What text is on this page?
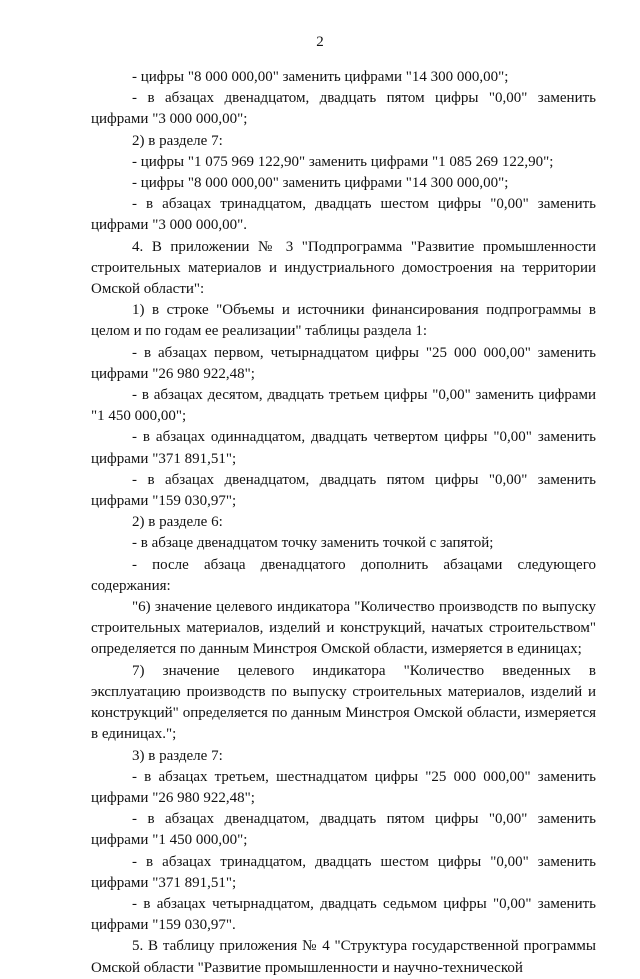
2

- цифры "8 000 000,00" заменить цифрами "14 300 000,00";

- в абзацах двенадцатом, двадцать пятом цифры "0,00" заменить цифрами "3 000 000,00";

2) в разделе 7:

- цифры "1 075 969 122,90" заменить цифрами "1 085 269 122,90";

- цифры "8 000 000,00" заменить цифрами "14 300 000,00";

- в абзацах тринадцатом, двадцать шестом цифры "0,00" заменить цифрами "3 000 000,00".

4. В приложении № 3 "Подпрограмма "Развитие промышленности строительных материалов и индустриального домостроения на территории Омской области":

1) в строке "Объемы и источники финансирования подпрограммы в целом и по годам ее реализации" таблицы раздела 1:

- в абзацах первом, четырнадцатом цифры "25 000 000,00" заменить цифрами "26 980 922,48";

- в абзацах десятом, двадцать третьем цифры "0,00" заменить цифрами "1 450 000,00";

- в абзацах одиннадцатом, двадцать четвертом цифры "0,00" заменить цифрами "371 891,51";

- в абзацах двенадцатом, двадцать пятом цифры "0,00" заменить цифрами "159 030,97";

2) в разделе 6:

- в абзаце двенадцатом точку заменить точкой с запятой;

- после абзаца двенадцатого дополнить абзацами следующего содержания:

"6) значение целевого индикатора "Количество производств по выпуску строительных материалов, изделий и конструкций, начатых строительством" определяется по данным Минстроя Омской области, измеряется в единицах;

7) значение целевого индикатора "Количество введенных в эксплуатацию производств по выпуску строительных материалов, изделий и конструкций" определяется по данным Минстроя Омской области, измеряется в единицах.";

3) в разделе 7:

- в абзацах третьем, шестнадцатом цифры "25 000 000,00" заменить цифрами "26 980 922,48";

- в абзацах двенадцатом, двадцать пятом цифры "0,00" заменить цифрами "1 450 000,00";

- в абзацах тринадцатом, двадцать шестом цифры "0,00" заменить цифрами "371 891,51";

- в абзацах четырнадцатом, двадцать седьмом цифры "0,00" заменить цифрами "159 030,97".

5. В таблицу приложения № 4 "Структура государственной программы Омской области "Развитие промышленности и научно-технической
